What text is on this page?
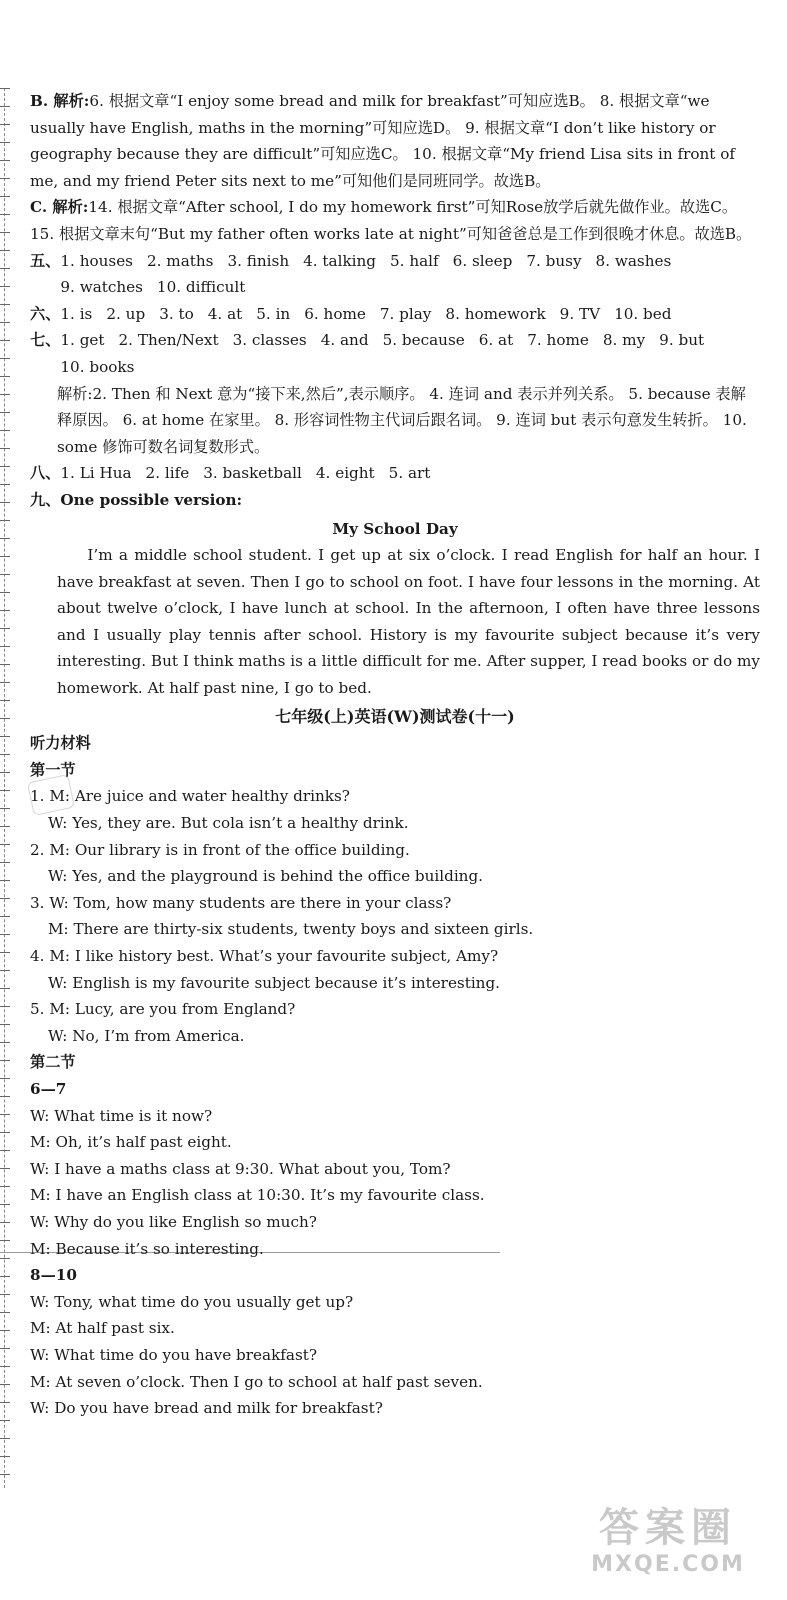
B. 解析:6. 根据文章“I enjoy some bread and milk for breakfast”可知应选B。 8. 根据文章“we usually have English, maths in the morning”可知应选D。 9. 根据文章“I don’t like history or geography because they are difficult”可知应选C。 10. 根据文章“My friend Lisa sits in front of me, and my friend Peter sits next to me”可知他们是同班同学。故选B。

C. 解析:14. 根据文章“After school, I do my homework first”可知Rose放学后就先做作业。故选C。 15. 根据文章末句“But my father often works late at night”可知爸爸总是工作到很晚才休息。故选B。

五、 1. houses 2. maths 3. finish 4. talking 5. half 6. sleep 7. busy 8. washes
9. watches 10. difficult
六、 1. is 2. up 3. to 4. at 5. in 6. home 7. play 8. homework 9. TV 10. bed
七、 1. get 2. Then/Next 3. classes 4. and 5. because 6. at 7. home 8. my 9. but
10. books

解析:2. Then 和 Next 意为“接下来,然后”,表示顺序。 4. 连词 and 表示并列关系。 5. because 表解释原因。 6. at home 在家里。 8. 形容词性物主代词后跟名词。 9. 连词 but 表示句意发生转折。 10. some 修饰可数名词复数形式。

八、 1. Li Hua 2. life 3. basketball 4. eight 5. art

九、One possible version:

My School Day

I’m a middle school student. I get up at six o’clock. I read English for half an hour. I have breakfast at seven. Then I go to school on foot. I have four lessons in the morning. At about twelve o’clock, I have lunch at school. In the afternoon, I often have three lessons and I usually play tennis after school. History is my favourite subject because it’s very interesting. But I think maths is a little difficult for me. After supper, I read books or do my homework. At half past nine, I go to bed.

七年级(上)英语(W)测试卷(十一)

听力材料

第一节

1. M: Are juice and water healthy drinks?

W: Yes, they are. But cola isn’t a healthy drink.

2. M: Our library is in front of the office building.

W: Yes, and the playground is behind the office building.

3. W: Tom, how many students are there in your class?

M: There are thirty-six students, twenty boys and sixteen girls.

4. M: I like history best. What’s your favourite subject, Amy?

W: English is my favourite subject because it’s interesting.

5. M: Lucy, are you from England?

W: No, I’m from America.

第二节

6—7

W: What time is it now?

M: Oh, it’s half past eight.

W: I have a maths class at 9:30. What about you, Tom?

M: I have an English class at 10:30. It’s my favourite class.

W: Why do you like English so much?

M: Because it’s so interesting.

8—10

W: Tony, what time do you usually get up?

M: At half past six.

W: What time do you have breakfast?

M: At seven o’clock. Then I go to school at half past seven.

W: Do you have bread and milk for breakfast?

答案圈
MXQE.COM
